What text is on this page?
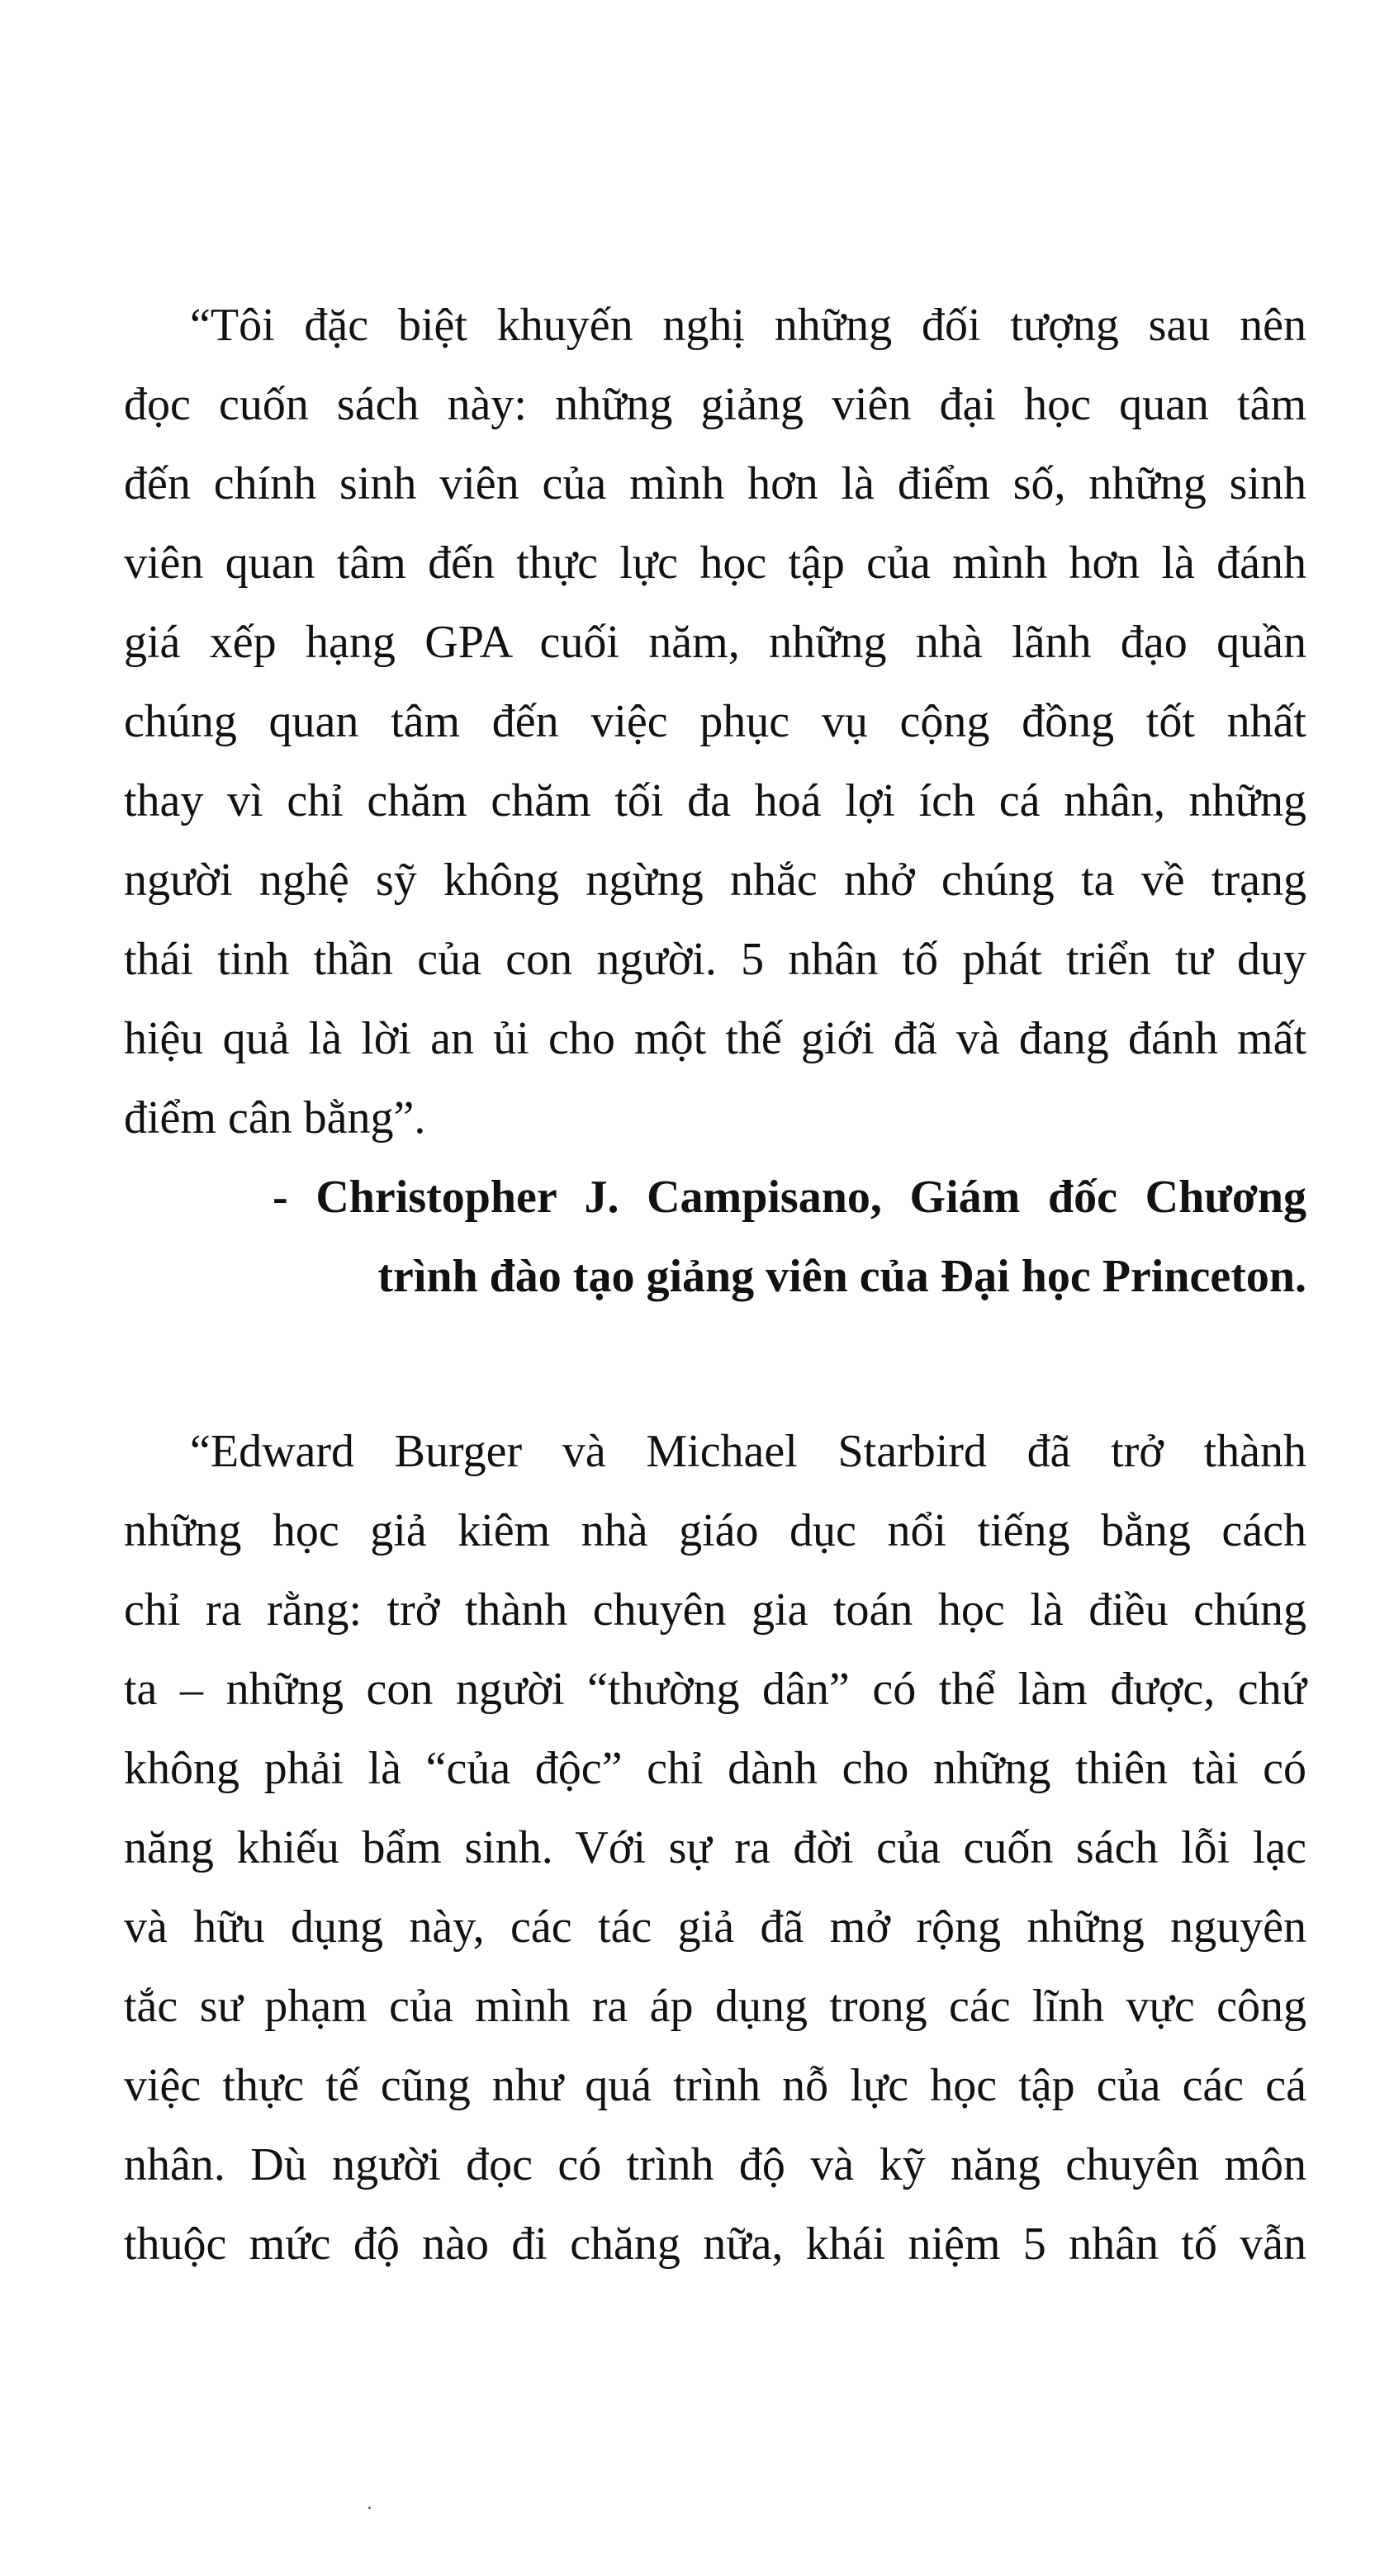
“Tôi đặc biệt khuyến nghị những đối tượng sau nên
đọc cuốn sách này: những giảng viên đại học quan tâm
đến chính sinh viên của mình hơn là điểm số, những sinh
viên quan tâm đến thực lực học tập của mình hơn là đánh
giá xếp hạng GPA cuối năm, những nhà lãnh đạo quần
chúng quan tâm đến việc phục vụ cộng đồng tốt nhất
thay vì chỉ chăm chăm tối đa hoá lợi ích cá nhân, những
người nghệ sỹ không ngừng nhắc nhở chúng ta về trạng
thái tinh thần của con người. 5 nhân tố phát triển tư duy
hiệu quả là lời an ủi cho một thế giới đã và đang đánh mất
điểm cân bằng”.
- Christopher J. Campisano, Giám đốc Chương
trình đào tạo giảng viên của Đại học Princeton.
“Edward Burger và Michael Starbird đã trở thành
những học giả kiêm nhà giáo dục nổi tiếng bằng cách
chỉ ra rằng: trở thành chuyên gia toán học là điều chúng
ta – những con người “thường dân” có thể làm được, chứ
không phải là “của độc” chỉ dành cho những thiên tài có
năng khiếu bẩm sinh. Với sự ra đời của cuốn sách lỗi lạc
và hữu dụng này, các tác giả đã mở rộng những nguyên
tắc sư phạm của mình ra áp dụng trong các lĩnh vực công
việc thực tế cũng như quá trình nỗ lực học tập của các cá
nhân. Dù người đọc có trình độ và kỹ năng chuyên môn
thuộc mức độ nào đi chăng nữa, khái niệm 5 nhân tố vẫn
